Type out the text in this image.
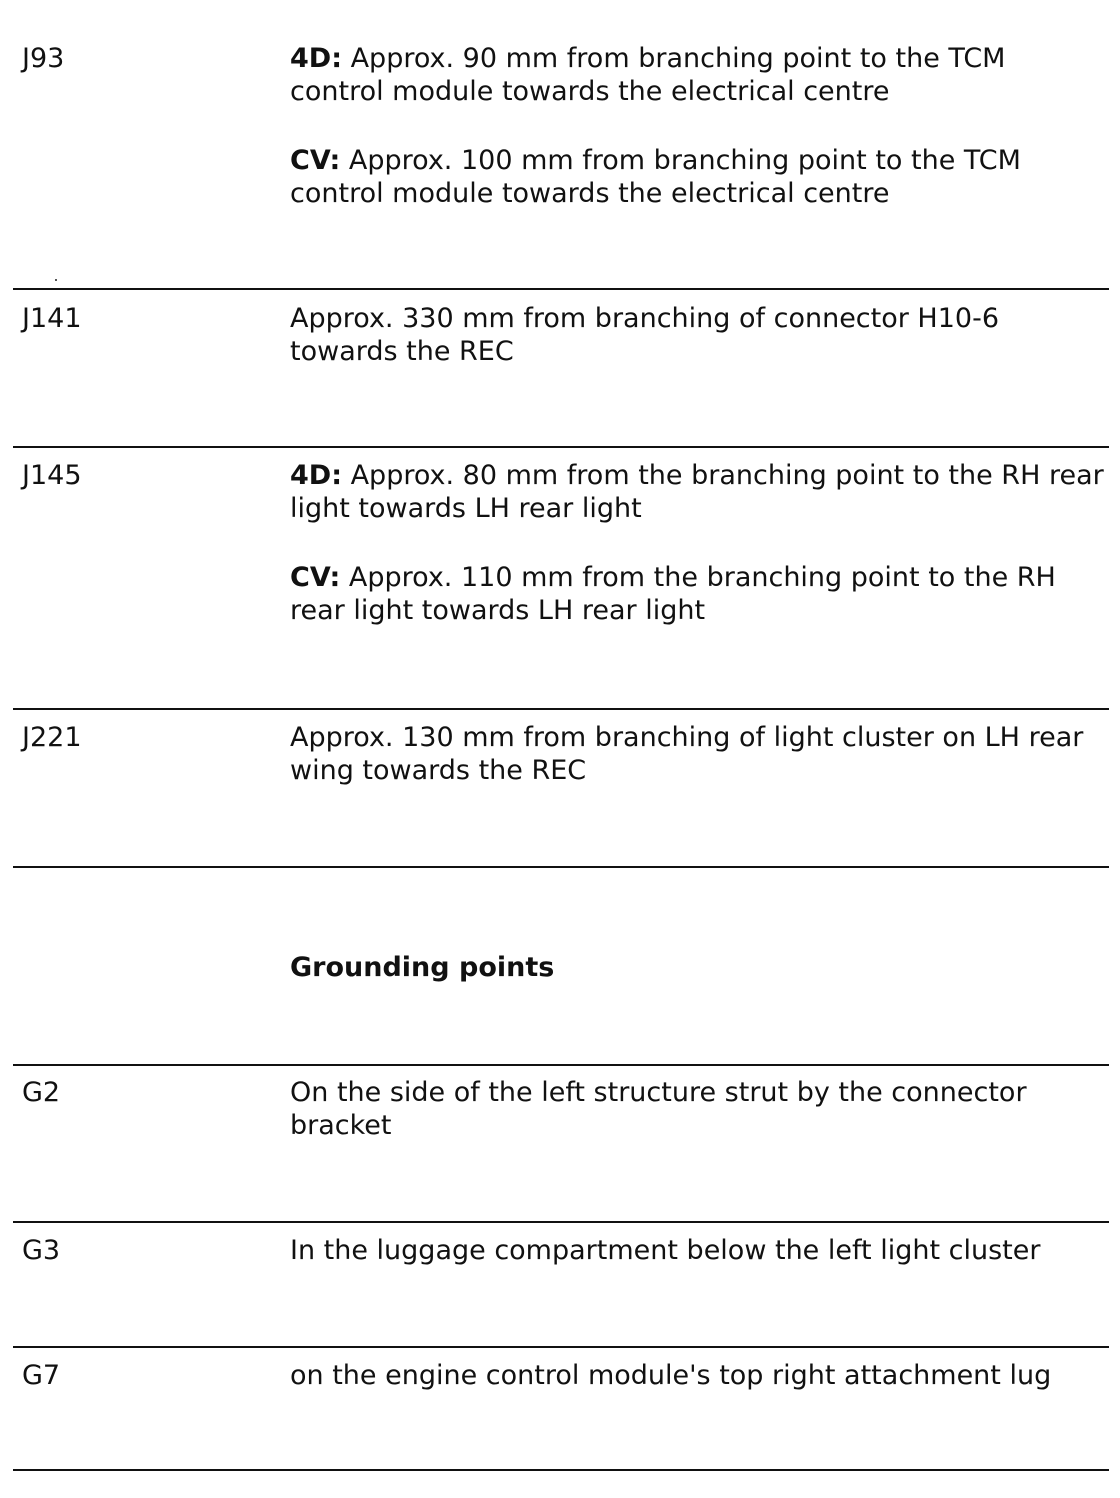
J93	4D: Approx. 90 mm from branching point to the TCM control module towards the electrical centre

CV: Approx. 100 mm from branching point to the TCM control module towards the electrical centre

J141	Approx. 330 mm from branching of connector H10-6 towards the REC
J145	4D: Approx. 80 mm from the branching point to the RH rear light towards LH rear light

CV: Approx. 110 mm from the branching point to the RH rear light towards LH rear light

J221	Approx. 130 mm from branching of light cluster on LH rear wing towards the REC
Grounding points
G2	On the side of the left structure strut by the connector bracket
G3	In the luggage compartment below the left light cluster
G7	on the engine control module's top right attachment lug
